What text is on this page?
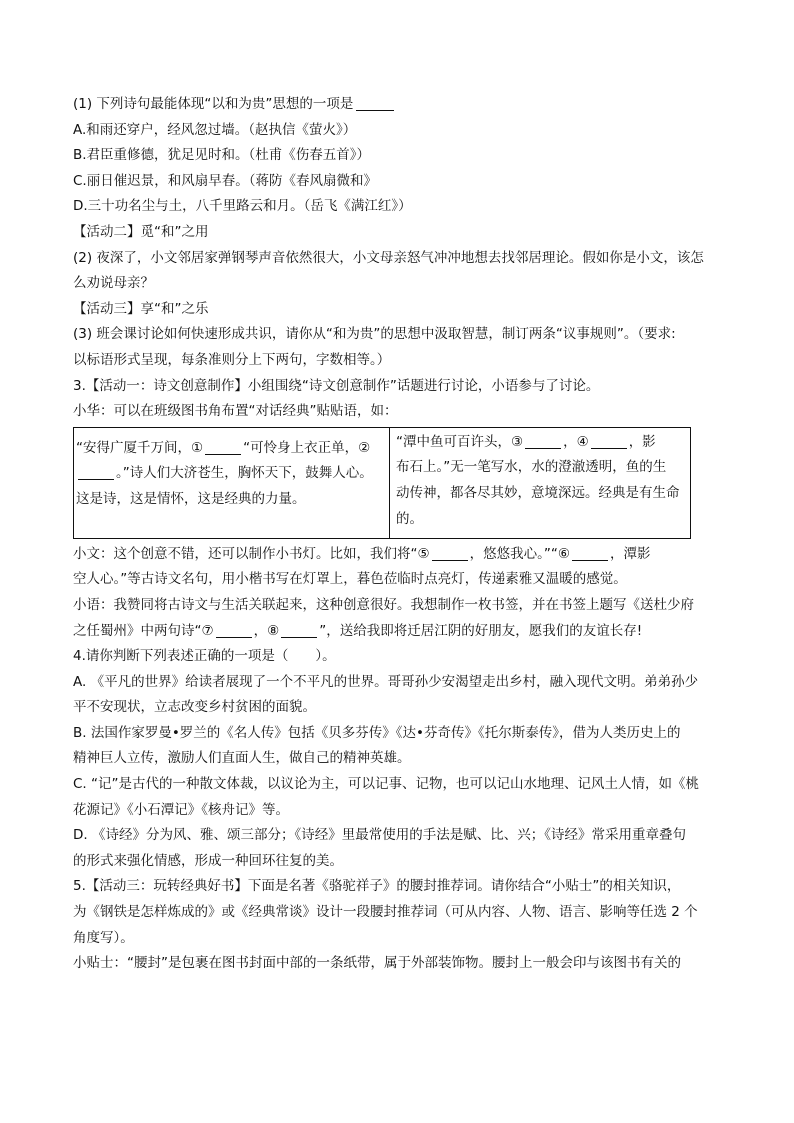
(1) 下列诗句最能体现“以和为贵”思想的一项是
A.和雨还穿户，经风忽过墙。（赵执信《萤火》）
B.君臣重修德，犹足见时和。（杜甫《伤春五首》）
C.丽日催迟景，和风扇早春。（蒋防《春风扇微和》
D.三十功名尘与土，八千里路云和月。（岳飞《满江红》）
【活动二】觅“和”之用
(2) 夜深了，小文邻居家弹钢琴声音依然很大，小文母亲怒气冲冲地想去找邻居理论。假如你是小文，该怎
么劝说母亲？
【活动三】享“和”之乐
(3) 班会课讨论如何快速形成共识，请你从“和为贵”的思想中汲取智慧，制订两条“议事规则”。（要求:
以标语形式呈现，每条准则分上下两句，字数相等。）
3.【活动一：诗文创意制作】小组围绕“诗文创意制作”话题进行讨论，小语参与了讨论。
小华：可以在班级图书角布置“对话经典”贴贴语，如：
“安得广厦千万间，①	“可怜身上衣正单，②
。”诗人们大济苍生，胸怀天下，鼓舞人心。
这是诗，这是情怀，这是经典的力量。
“潭中鱼可百许头，③	，④	，影
布石上。”无一笔写水，水的澄澈透明，鱼的生
动传神，都各尽其妙，意境深远。经典是有生命
的。
小文：这个创意不错，还可以制作小书灯。比如，我们将“⑤	，悠悠我心。”“⑥	，潭影
空人心。”等古诗文名句，用小楷书写在灯罩上，暮色莅临时点亮灯，传递素雅又温暖的感觉。
小语：我赞同将古诗文与生活关联起来，这种创意很好。我想制作一枚书签，并在书签上题写《送杜少府
之任蜀州》中两句诗“⑦	，⑧	”，送给我即将迁居江阴的好朋友，愿我们的友谊长存!
4.请你判断下列表述正确的一项是（　　）。
A. 《平凡的世界》给读者展现了一个不平凡的世界。哥哥孙少安渴望走出乡村，融入现代文明。弟弟孙少
平不安现状，立志改变乡村贫困的面貌。
B. 法国作家罗曼•罗兰的《名人传》包括《贝多芬传》《达•芬奇传》《托尔斯泰传》，借为人类历史上的
精神巨人立传，激励人们直面人生，做自己的精神英雄。
C. “记”是古代的一种散文体裁，以议论为主，可以记事、记物，也可以记山水地理、记风土人情，如《桃
花源记》《小石潭记》《核舟记》等。
D. 《诗经》分为风、雅、颂三部分；《诗经》里最常使用的手法是赋、比、兴；《诗经》常采用重章叠句
的形式来强化情感，形成一种回环往复的美。
5.【活动三：玩转经典好书】下面是名著《骆驼祥子》的腰封推荐词。请你结合“小贴士”的相关知识，
为《钢铁是怎样炼成的》或《经典常谈》设计一段腰封推荐词（可从内容、人物、语言、影响等任选 2 个
角度写）。
小贴士：“腰封”是包裹在图书封面中部的一条纸带，属于外部装饰物。腰封上一般会印与该图书有关的
